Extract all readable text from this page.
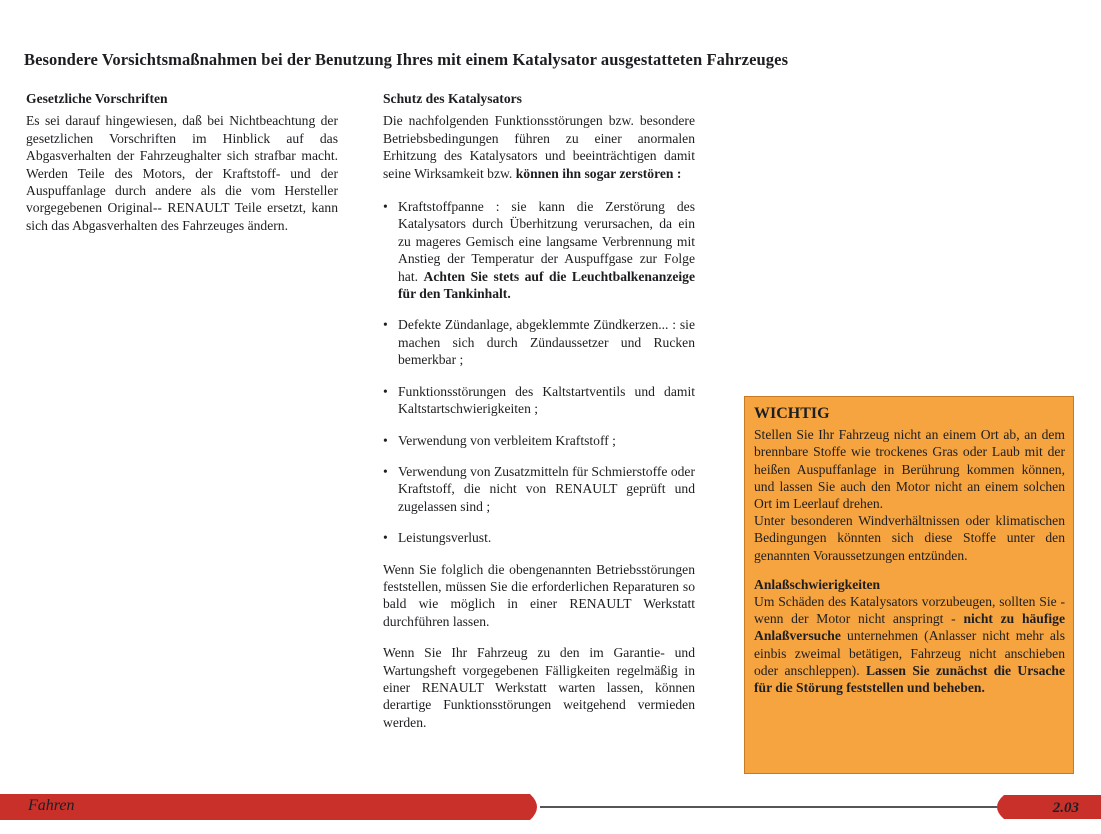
Besondere Vorsichtsmaßnahmen bei der Benutzung Ihres mit einem Katalysator ausgestatteten Fahrzeuges
Gesetzliche Vorschriften
Es sei darauf hingewiesen, daß bei Nichtbeachtung der gesetzlichen Vorschriften im Hinblick auf das Abgasverhalten der Fahrzeughalter sich strafbar macht. Werden Teile des Motors, der Kraftstoff- und der Auspuffanlage durch andere als die vom Hersteller vorgegebenen Original-- RENAULT Teile ersetzt, kann sich das Abgasverhalten des Fahrzeuges ändern.
Schutz des Katalysators
Die nachfolgenden Funktionsstörungen bzw. besondere Betriebsbedingungen führen zu einer anormalen Erhitzung des Katalysators und beeinträchtigen damit seine Wirksamkeit bzw. können ihn sogar zerstören :
• Kraftstoffpanne : sie kann die Zerstörung des Katalysators durch Überhitzung verursachen, da ein zu mageres Gemisch eine langsame Verbrennung mit Anstieg der Temperatur der Auspuffgase zur Folge hat. Achten Sie stets auf die Leuchtbalkenanzeige für den Tankinhalt.
• Defekte Zündanlage, abgeklemmte Zündkerzen... : sie machen sich durch Zündaussetzer und Rucken bemerkbar ;
• Funktionsstörungen des Kaltstartventils und damit Kaltstartschwierigkeiten ;
• Verwendung von verbleitem Kraftstoff ;
• Verwendung von Zusatzmitteln für Schmierstoffe oder Kraftstoff, die nicht von RENAULT geprüft und zugelassen sind ;
• Leistungsverlust.
Wenn Sie folglich die obengenannten Betriebsstörungen feststellen, müssen Sie die erforderlichen Reparaturen so bald wie möglich in einer RENAULT Werkstatt durchführen lassen.
Wenn Sie Ihr Fahrzeug zu den im Garantie- und Wartungsheft vorgegebenen Fälligkeiten regelmäßig in einer RENAULT Werkstatt warten lassen, können derartige Funktionsstörungen weitgehend vermieden werden.
WICHTIG
Stellen Sie Ihr Fahrzeug nicht an einem Ort ab, an dem brennbare Stoffe wie trockenes Gras oder Laub mit der heißen Auspuffanlage in Berührung kommen können, und lassen Sie auch den Motor nicht an einem solchen Ort im Leerlauf drehen.
Unter besonderen Windverhältnissen oder klimatischen Bedingungen könnten sich diese Stoffe unter den genannten Voraussetzungen entzünden.
Anlaßschwierigkeiten
Um Schäden des Katalysators vorzubeugen, sollten Sie - wenn der Motor nicht anspringt - nicht zu häufige Anlaßversuche unternehmen (Anlasser nicht mehr als einbis zweimal betätigen, Fahrzeug nicht anschieben oder anschleppen). Lassen Sie zunächst die Ursache für die Störung feststellen und beheben.
Fahren	2.03
